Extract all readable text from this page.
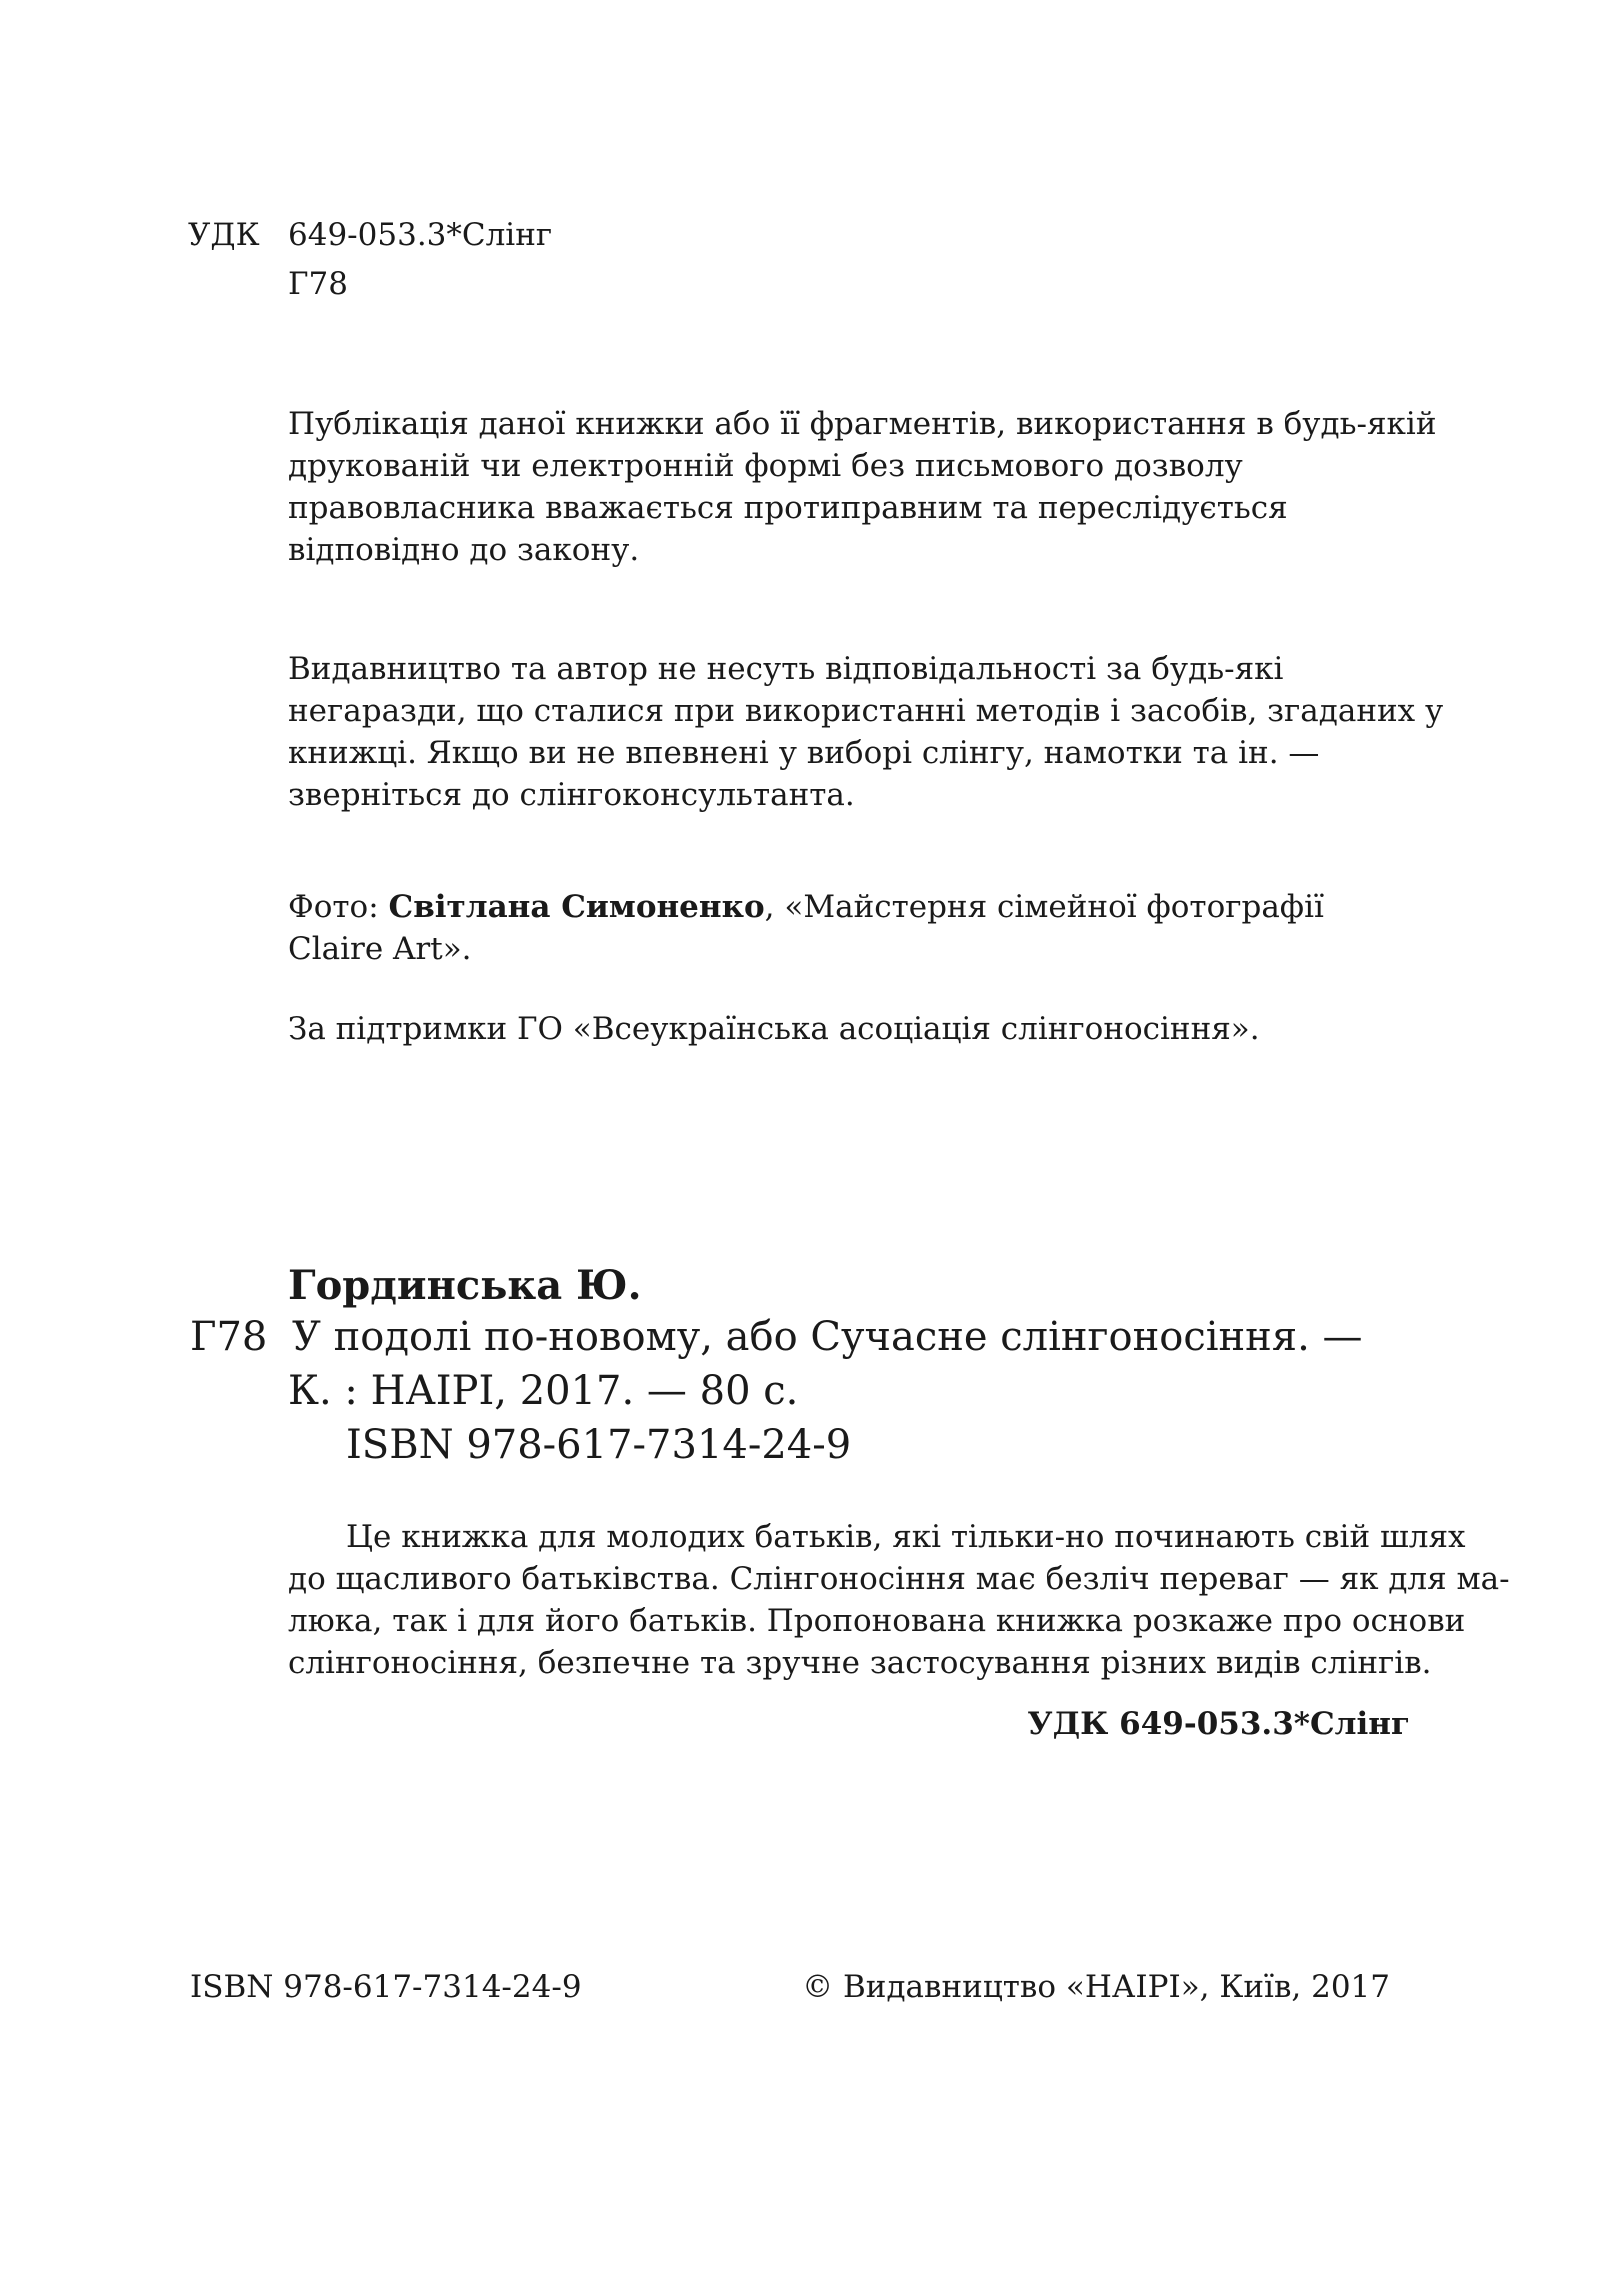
УДК 649-053.3*Слінг
Г78
Публікація даної книжки або її фрагментів, використання в будь-якій
друкованій чи електронній формі без письмового дозволу
правовласника вважається протиправним та переслідується
відповідно до закону.
Видавництво та автор не несуть відповідальності за будь-які
негаразди, що сталися при використанні методів і засобів, згаданих у
книжці. Якщо ви не впевнені у виборі слінгу, намотки та ін. —
зверніться до слінгоконсультанта.
Фото: Світлана Симоненко, «Майстерня сімейної фотографії
Claire Art».
За підтримки ГО «Всеукраїнська асоціація слінгоносіння».
Гординська Ю.
Г78 У подолі по-новому, або Сучасне слінгоносіння. —
К. : НАІРІ, 2017. — 80 с.
ISBN 978-617-7314-24-9
Це книжка для молодих батьків, які тільки-но починають свій шлях
до щасливого батьківства. Слінгоносіння має безліч переваг — як для ма-
люка, так і для його батьків. Пропонована книжка розкаже про основи
слінгоносіння, безпечне та зручне застосування різних видів слінгів.
УДК 649-053.3*Слінг
ISBN 978-617-7314-24-9	© Видавництво «НАІРІ», Київ, 2017
